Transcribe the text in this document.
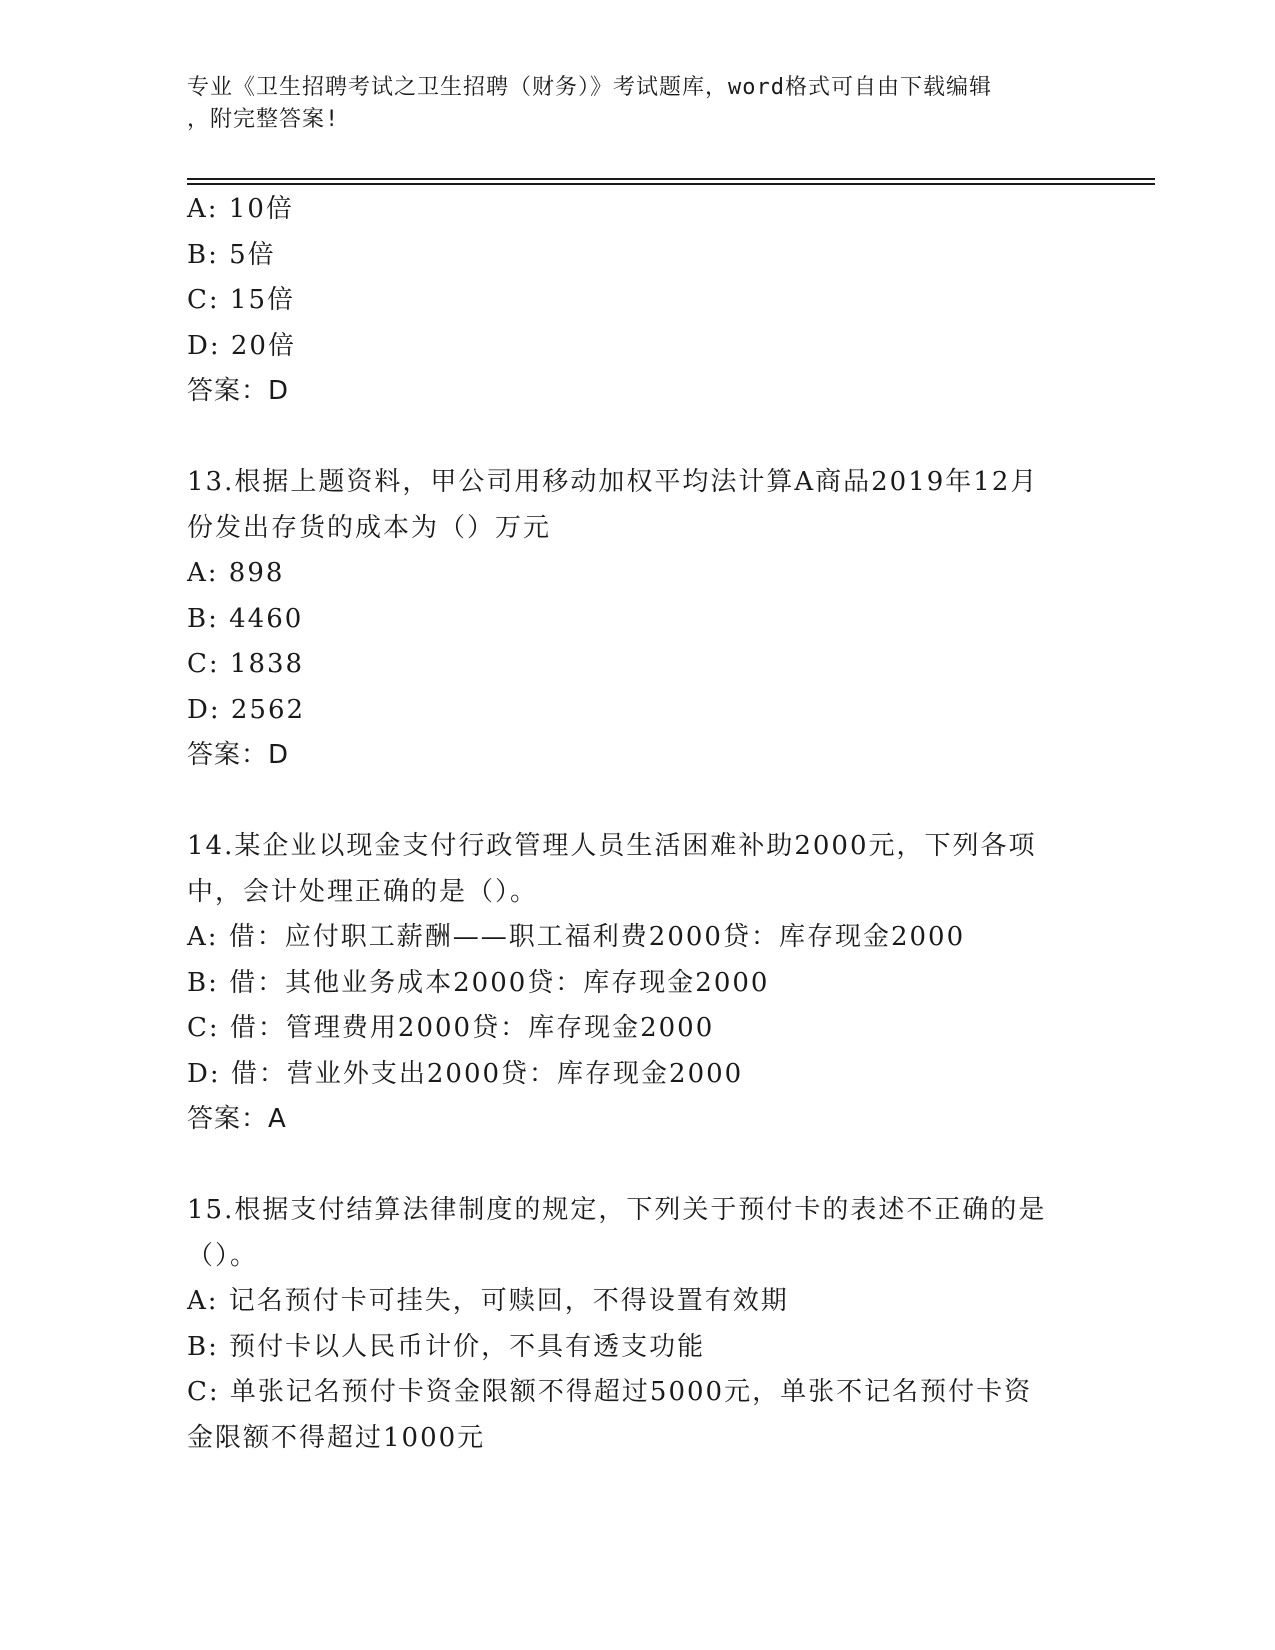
专业《卫生招聘考试之卫生招聘（财务）》考试题库，word格式可自由下载编辑
，附完整答案!
A: 10倍
B: 5倍
C: 15倍
D: 20倍
答案：D
13.根据上题资料，甲公司用移动加权平均法计算A商品2019年12月
份发出存货的成本为（）万元
A: 898
B: 4460
C: 1838
D: 2562
答案：D
14.某企业以现金支付行政管理人员生活困难补助2000元，下列各项
中，会计处理正确的是（）。
A: 借：应付职工薪酬——职工福利费2000贷：库存现金2000
B: 借：其他业务成本2000贷：库存现金2000
C: 借：管理费用2000贷：库存现金2000
D: 借：营业外支出2000贷：库存现金2000
答案：A
15.根据支付结算法律制度的规定，下列关于预付卡的表述不正确的是
（）。
A: 记名预付卡可挂失，可赎回，不得设置有效期
B: 预付卡以人民币计价，不具有透支功能
C: 单张记名预付卡资金限额不得超过5000元，单张不记名预付卡资
金限额不得超过1000元
